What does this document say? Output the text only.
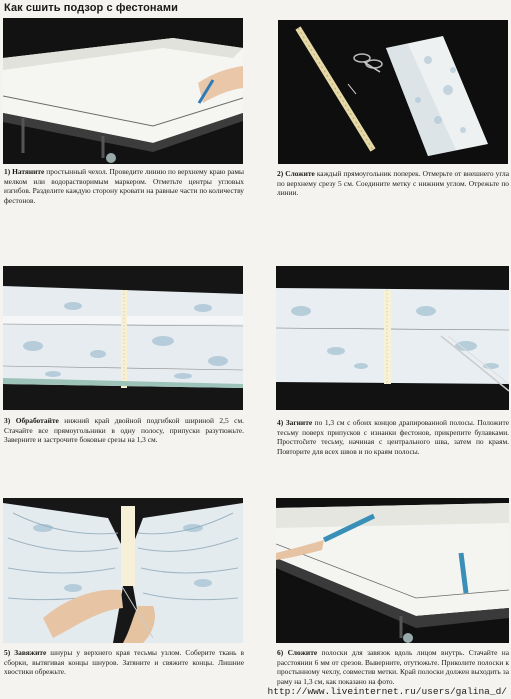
Как сшить подзор с фестонами
1) Натяните простынный чехол. Проведите линию по верхнему краю рамы мелком или водорастворимым маркером. Отметьте центры угловых изгибов. Разделите каждую сторону кровати на равные части по количеству фестонов.
2) Сложите каждый прямоугольник поперек. Отмерьте от внешнего угла по верхнему срезу 5 см. Соедините метку с нижним углом. Отрежьте по линии.
3) Обработайте нижний край двойной подгибкой шириной 2,5 см. Стачайте все прямоугольники в одну полосу, припуски разутюжьте. Заверните и застрочите боковые срезы на 1,3 см.
4) Загните по 1,3 см с обоих концов драпированной полосы. Положите тесьму поверх припусков с изнанки фестонов, прикрепите булавками. Простročите тесьму, начиная с центрального шва, затем по краям. Повторите для всех швов и по краям полосы.
5) Завяжите шнуры у верхнего края тесьмы узлом. Соберите ткань в сборки, вытягивая концы шнуров. Затяните и свяжите концы. Лишние хвостики обрежьте.
6) Сложите полоски для завязок вдоль лицом внутрь. Стачайте на расстоянии 6 мм от срезов. Выверните, отутюжьте. Приколите полоски к простынному чехлу, совместив метки. Край полоски должен выходить за раму на 1,3 см, как показано на фото.
http://www.liveinternet.ru/users/galina_d/
